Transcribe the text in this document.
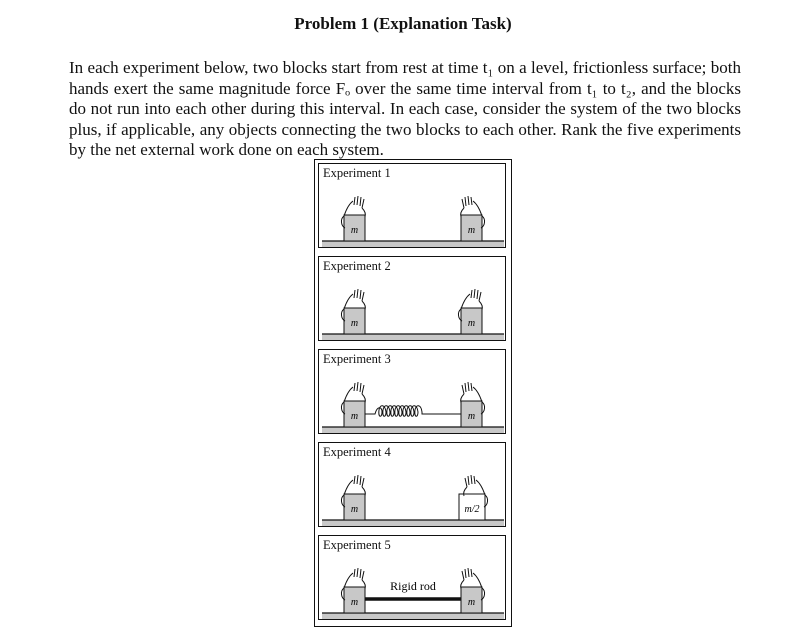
Problem 1 (Explanation Task)

In each experiment below, two blocks start from rest at time t₁ on a level, frictionless surface; both hands exert the same magnitude force Fₒ over the same time interval from t₁ to t₂, and the blocks do not run into each other during this interval. In each case, consider the system of the two blocks plus, if applicable, any objects connecting the two blocks to each other. Rank the five experiments by the net external work done on each system.

Experiment 1
m	m
Experiment 2
m	m
Experiment 3
m	m
Experiment 4
m	m/2
Experiment 5
m	m
Rigid rod
